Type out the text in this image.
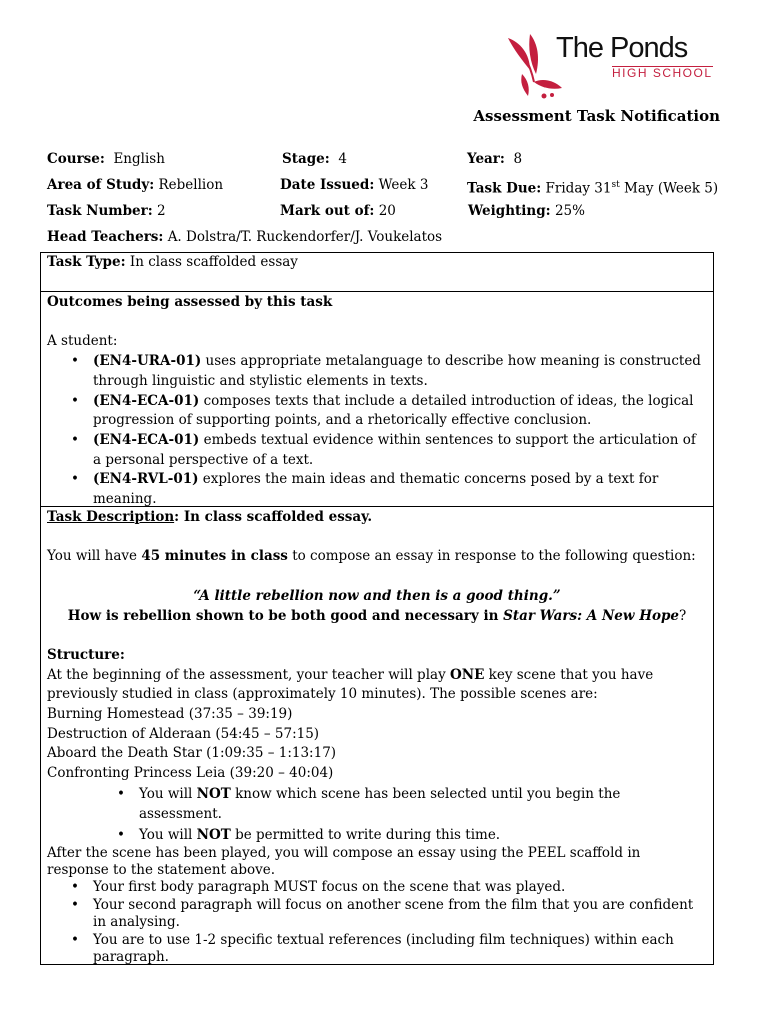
The Ponds
HIGH SCHOOL
Assessment Task Notification
Course: English	Stage: 4	Year: 8
Area of Study: Rebellion	Date Issued: Week 3	Task Due: Friday 31st May (Week 5)
Task Number: 2	Mark out of: 20	Weighting: 25%
Head Teachers: A. Dolstra/T. Ruckendorfer/J. Voukelatos
Task Type: In class scaffolded essay
Outcomes being assessed by this task

A student:
• (EN4-URA-01) uses appropriate metalanguage to describe how meaning is constructed through linguistic and stylistic elements in texts.
• (EN4-ECA-01) composes texts that include a detailed introduction of ideas, the logical progression of supporting points, and a rhetorically effective conclusion.
• (EN4-ECA-01) embeds textual evidence within sentences to support the articulation of a personal perspective of a text.
• (EN4-RVL-01) explores the main ideas and thematic concerns posed by a text for meaning.
Task Description: In class scaffolded essay.

You will have 45 minutes in class to compose an essay in response to the following question:

“A little rebellion now and then is a good thing.”
How is rebellion shown to be both good and necessary in Star Wars: A New Hope?

Structure:
At the beginning of the assessment, your teacher will play ONE key scene that you have previously studied in class (approximately 10 minutes). The possible scenes are:
Burning Homestead (37:35 – 39:19)
Destruction of Alderaan (54:45 – 57:15)
Aboard the Death Star (1:09:35 – 1:13:17)
Confronting Princess Leia (39:20 – 40:04)
• You will NOT know which scene has been selected until you begin the assessment.
• You will NOT be permitted to write during this time.
After the scene has been played, you will compose an essay using the PEEL scaffold in response to the statement above.
• Your first body paragraph MUST focus on the scene that was played.
• Your second paragraph will focus on another scene from the film that you are confident in analysing.
• You are to use 1-2 specific textual references (including film techniques) within each paragraph.
